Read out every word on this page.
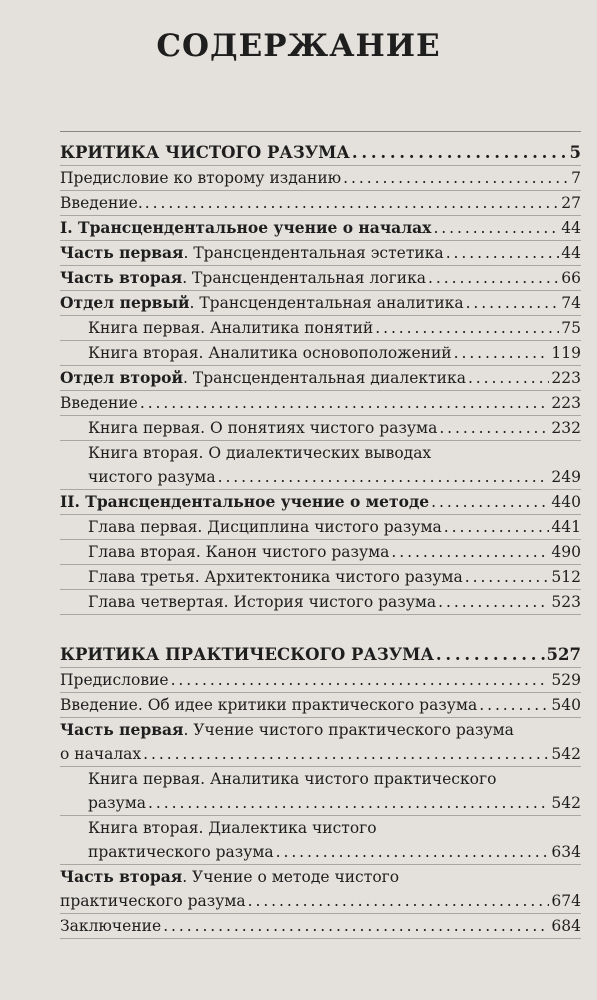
СОДЕРЖАНИЕ
КРИТИКА ЧИСТОГО РАЗУМА . . .	5
Предисловие ко второму изданию . . .	7
Введение. . . .	27
I. Трансцендентальное учение о началах . . .	44
Часть первая. Трансцендентальная эстетика . . .	44
Часть вторая. Трансцендентальная логика . . .	66
Отдел первый. Трансцендентальная аналитика . . .	74
Книга первая. Аналитика понятий . . .	75
Книга вторая. Аналитика основоположений . . .	119
Отдел второй. Трансцендентальная диалектика . . .	223
Введение . . .	223
Книга первая. О понятиях чистого разума . . .	232
Книга вторая. О диалектических выводах
чистого разума . . .	249
II. Трансцендентальное учение о методе . . .	440
Глава первая. Дисциплина чистого разума . . .	441
Глава вторая. Канон чистого разума . . .	490
Глава третья. Архитектоника чистого разума . . .	512
Глава четвертая. История чистого разума . . .	523
КРИТИКА ПРАКТИЧЕСКОГО РАЗУМА . . .	527
Предисловие . . .	529
Введение. Об идее критики практического разума . . .	540
Часть первая. Учение чистого практического разума
о началах . . .	542
Книга первая. Аналитика чистого практического
разума . . .	542
Книга вторая. Диалектика чистого
практического разума . . .	634
Часть вторая. Учение о методе чистого
практического разума . . .	674
Заключение . . .	684
